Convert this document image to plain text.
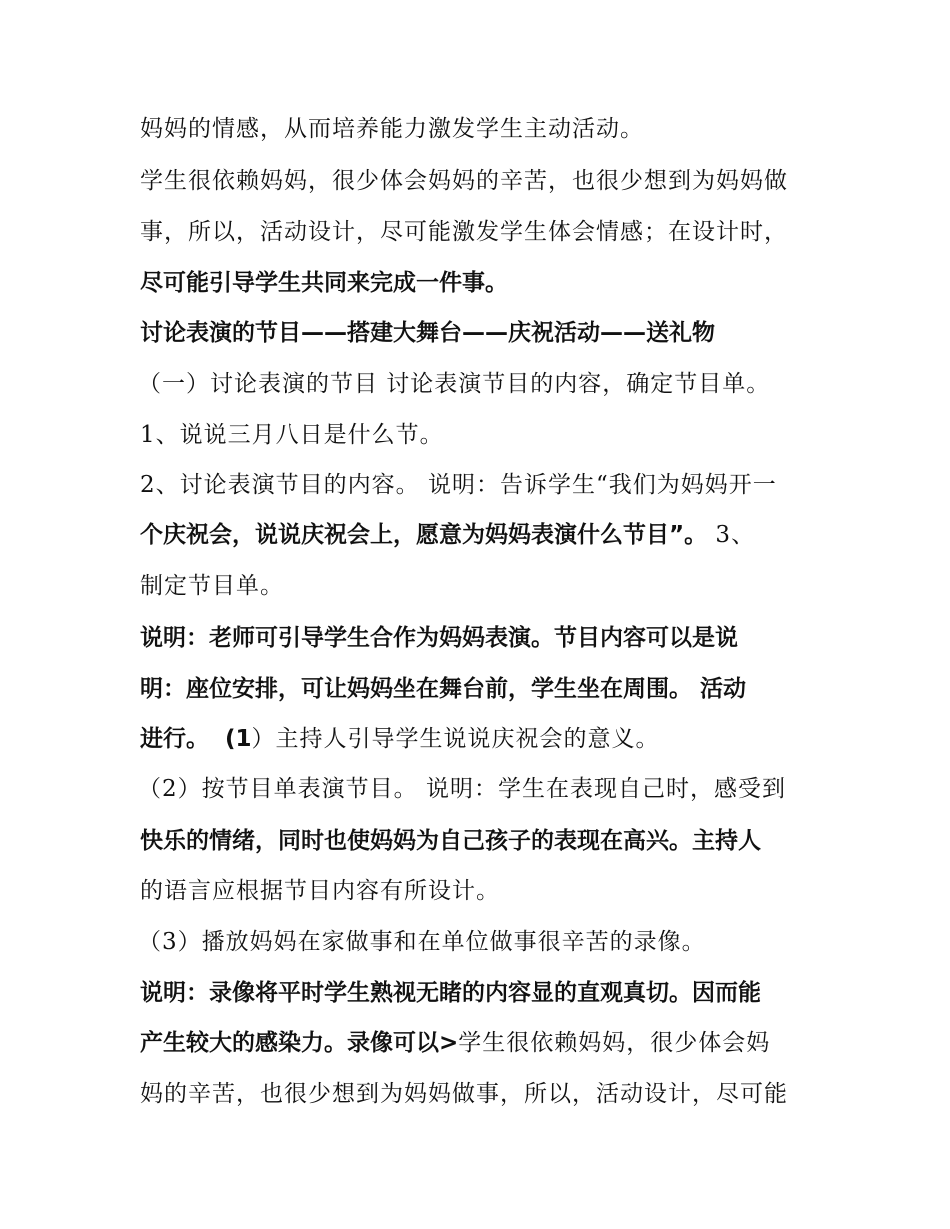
妈妈的情感，从而培养能力激发学生主动活动。
学生很依赖妈妈，很少体会妈妈的辛苦，也很少想到为妈妈做
事，所以，活动设计，尽可能激发学生体会情感；在设计时，
尽可能引导学生共同来完成一件事。
讨论表演的节目——搭建大舞台——庆祝活动——送礼物
（一）讨论表演的节目 讨论表演节目的内容，确定节目单。
1、说说三月八日是什么节。
2、讨论表演节目的内容。 说明：告诉学生“我们为妈妈开一
个庆祝会，说说庆祝会上，愿意为妈妈表演什么节目”。 3、
制定节目单。
说明：老师可引导学生合作为妈妈表演。节目内容可以是说
明：座位安排，可让妈妈坐在舞台前，学生坐在周围。 活动
进行。  (1）主持人引导学生说说庆祝会的意义。
（2）按节目单表演节目。 说明：学生在表现自己时，感受到
快乐的情绪，同时也使妈妈为自己孩子的表现在高兴。主持人
的语言应根据节目内容有所设计。
（3）播放妈妈在家做事和在单位做事很辛苦的录像。
说明：录像将平时学生熟视无睹的内容显的直观真切。因而能
产生较大的感染力。录像可以>学生很依赖妈妈，很少体会妈
妈的辛苦，也很少想到为妈妈做事，所以，活动设计，尽可能
